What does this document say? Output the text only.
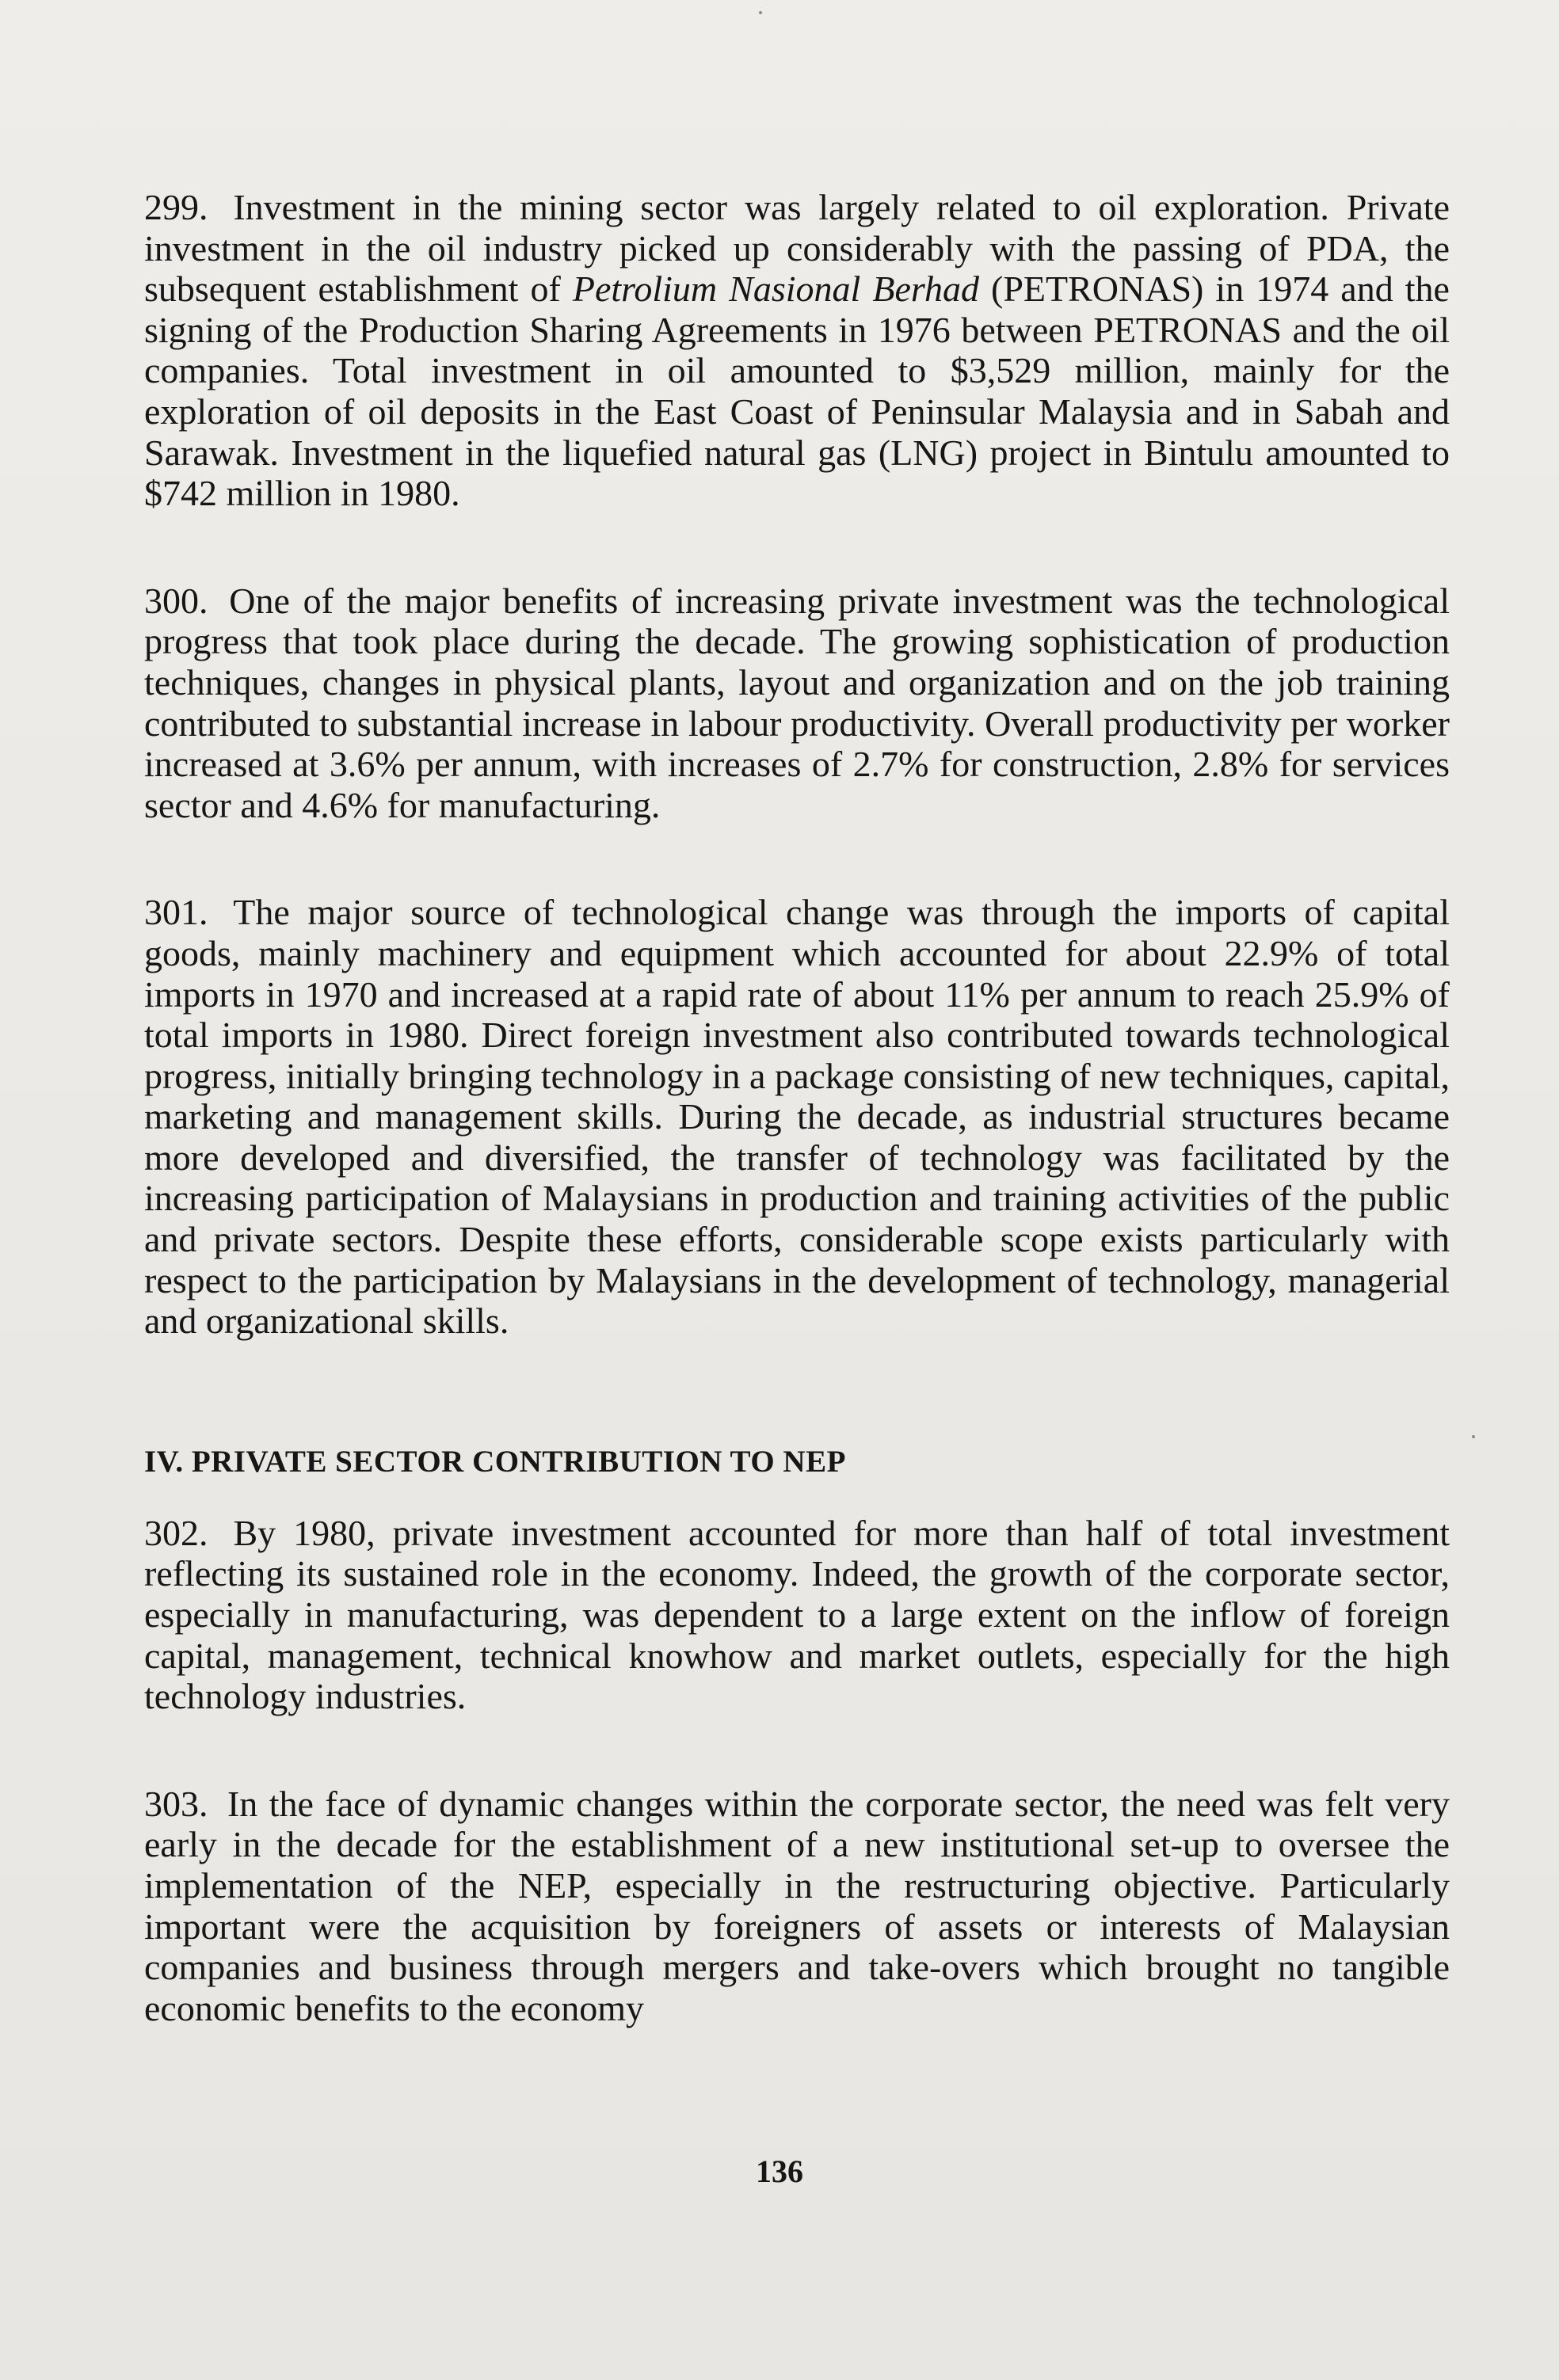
299. Investment in the mining sector was largely related to oil exploration. Private investment in the oil industry picked up considerably with the passing of PDA, the subsequent establishment of Petrolium Nasional Berhad (PETRONAS) in 1974 and the signing of the Production Sharing Agreements in 1976 between PETRONAS and the oil companies. Total investment in oil amounted to $3,529 million, mainly for the exploration of oil deposits in the East Coast of Peninsular Malaysia and in Sabah and Sarawak. Investment in the liquefied natural gas (LNG) project in Bintulu amounted to $742 million in 1980.

300. One of the major benefits of increasing private investment was the technological progress that took place during the decade. The growing sophistication of production techniques, changes in physical plants, layout and organization and on the job training contributed to substantial increase in labour productivity. Overall productivity per worker increased at 3.6% per annum, with increases of 2.7% for construction, 2.8% for services sector and 4.6% for manufacturing.

301. The major source of technological change was through the imports of capital goods, mainly machinery and equipment which accounted for about 22.9% of total imports in 1970 and increased at a rapid rate of about 11% per annum to reach 25.9% of total imports in 1980. Direct foreign investment also contributed towards technological progress, initially bringing technology in a package consisting of new techniques, capital, marketing and management skills. During the decade, as industrial structures became more developed and diversified, the transfer of technology was facilitated by the increasing participation of Malaysians in production and training activities of the public and private sectors. Despite these efforts, considerable scope exists particularly with respect to the participation by Malaysians in the development of technology, managerial and organizational skills.

IV. PRIVATE SECTOR CONTRIBUTION TO NEP

302. By 1980, private investment accounted for more than half of total investment reflecting its sustained role in the economy. Indeed, the growth of the corporate sector, especially in manufacturing, was dependent to a large extent on the inflow of foreign capital, management, technical knowhow and market outlets, especially for the high technology industries.

303. In the face of dynamic changes within the corporate sector, the need was felt very early in the decade for the establishment of a new institutional set-up to oversee the implementation of the NEP, especially in the restructuring objective. Particularly important were the acquisition by foreigners of assets or interests of Malaysian companies and business through mergers and take-overs which brought no tangible economic benefits to the economy

136
